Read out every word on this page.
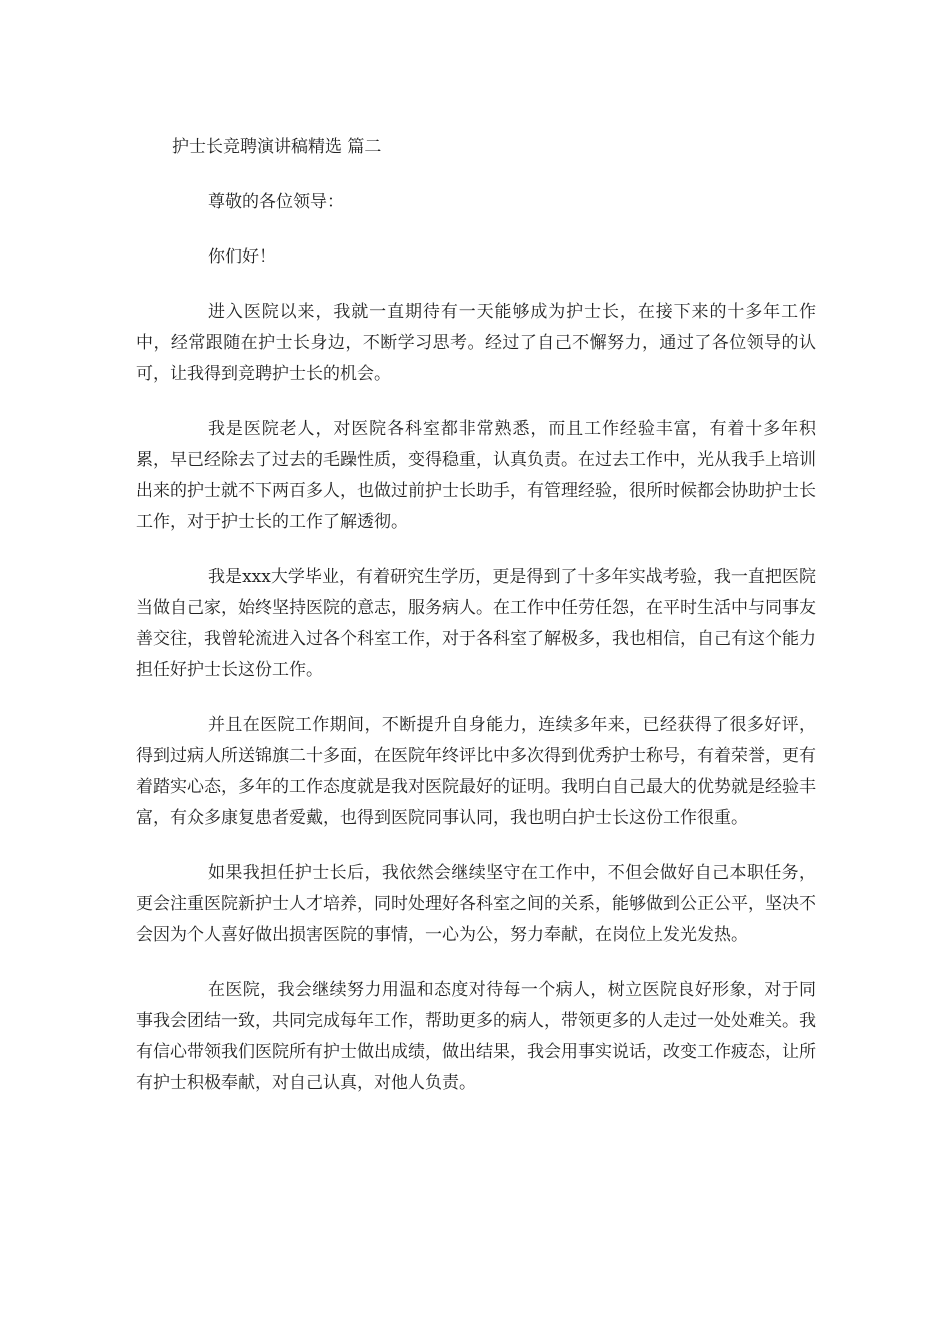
护士长竞聘演讲稿精选 篇二

尊敬的各位领导：

你们好！

进入医院以来，我就一直期待有一天能够成为护士长，在接下来的十多年工作中，经常跟随在护士长身边，不断学习思考。经过了自己不懈努力，通过了各位领导的认可，让我得到竞聘护士长的机会。

我是医院老人，对医院各科室都非常熟悉，而且工作经验丰富，有着十多年积累，早已经除去了过去的毛躁性质，变得稳重，认真负责。在过去工作中，光从我手上培训出来的护士就不下两百多人，也做过前护士长助手，有管理经验，很所时候都会协助护士长工作，对于护士长的工作了解透彻。

我是xxx大学毕业，有着研究生学历，更是得到了十多年实战考验，我一直把医院当做自己家，始终坚持医院的意志，服务病人。在工作中任劳任怨，在平时生活中与同事友善交往，我曾轮流进入过各个科室工作，对于各科室了解极多，我也相信，自己有这个能力担任好护士长这份工作。

并且在医院工作期间，不断提升自身能力，连续多年来，已经获得了很多好评，得到过病人所送锦旗二十多面，在医院年终评比中多次得到优秀护士称号，有着荣誉，更有着踏实心态，多年的工作态度就是我对医院最好的证明。我明白自己最大的优势就是经验丰富，有众多康复患者爱戴，也得到医院同事认同，我也明白护士长这份工作很重。

如果我担任护士长后，我依然会继续坚守在工作中，不但会做好自己本职任务，更会注重医院新护士人才培养，同时处理好各科室之间的关系，能够做到公正公平，坚决不会因为个人喜好做出损害医院的事情，一心为公，努力奉献，在岗位上发光发热。

在医院，我会继续努力用温和态度对待每一个病人，树立医院良好形象，对于同事我会团结一致，共同完成每年工作，帮助更多的病人，带领更多的人走过一处处难关。我有信心带领我们医院所有护士做出成绩，做出结果，我会用事实说话，改变工作疲态，让所有护士积极奉献，对自己认真，对他人负责。
